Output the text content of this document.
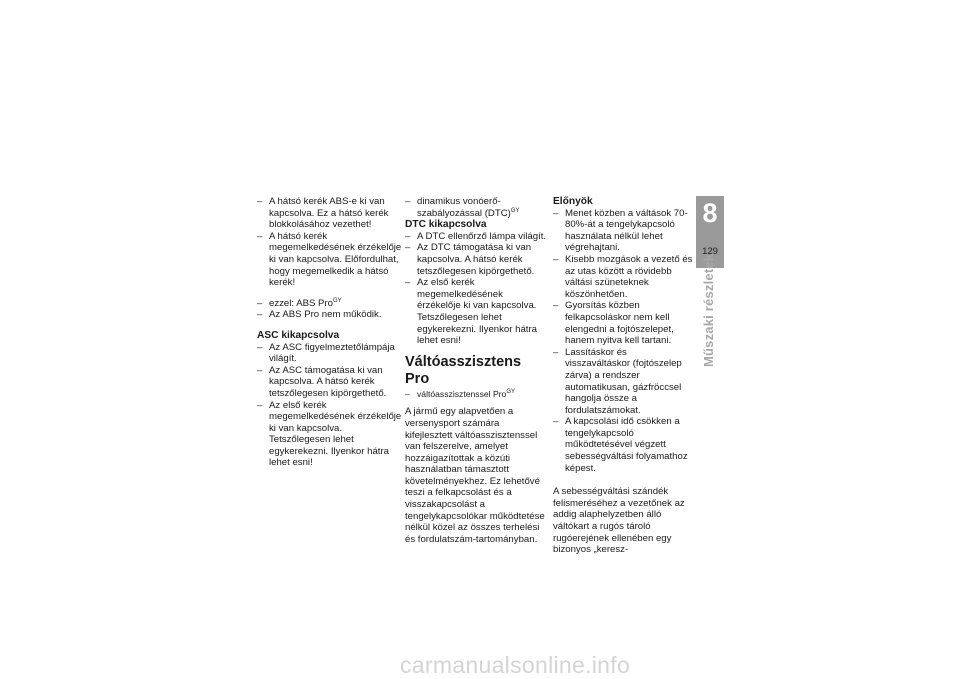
– A hátsó kerék ABS-e ki van kapcsolva. Ez a hátsó kerék blokkolásához vezethet!
– A hátsó kerék megemelkedésének érzékelője ki van kapcsolva. Előfordulhat, hogy megemelkedik a hátsó kerék!
– ezzel: ABS Pro$^{GY}$
– Az ABS Pro nem működik.
ASC kikapcsolva
– Az ASC figyelmeztetőlámpája világít.
– Az ASC támogatása ki van kapcsolva. A hátsó kerék tetszőlegesen kipörgethető.
– Az első kerék megemelkedésének érzékelője ki van kapcsolva. Tetszőlegesen lehet egykerekezni. Ilyenkor hátra lehet esni!
– dinamikus vonóerő-szabályozással (DTC)$^{GY}$
DTC kikapcsolva
– A DTC ellenőrző lámpa világít.
– Az DTC támogatása ki van kapcsolva. A hátsó kerék tetszőlegesen kipörgethető.
– Az első kerék megemelkedésének érzékelője ki van kapcsolva. Tetszőlegesen lehet egykerekezni. Ilyenkor hátra lehet esni!
Váltóasszisztens Pro
– váltóasszisztenssel Pro$^{GY}$
A jármű egy alapvetően a versenysport számára kifejlesztett váltóasszisztenssel van felszerelve, amelyet hozzáigazítottak a közúti használatban támasztott követelményekhez. Ez lehetővé teszi a felkapcsolást és a visszakapcsolást a tengelykapcsolókar működtetése nélkül közel az összes terhelési és fordulatszám-tartományban.
Előnyök
– Menet közben a váltások 70-80%-át a tengelykapcsoló használata nélkül lehet végrehajtani.
– Kisebb mozgások a vezető és az utas között a rövidebb váltási szüneteknek köszönhetően.
– Gyorsítás közben felkapcsoláskor nem kell elengedni a fojtószelepet, hanem nyitva kell tartani.
– Lassításkor és visszaváltáskor (fojtószelep zárva) a rendszer automatikusan, gázfröccsel hangolja össze a fordulatszámokat.
– A kapcsolási idő csökken a tengelykapcsoló működtetésével végzett sebességváltási folyamathoz képest.
A sebességváltási szándék felismeréséhez a vezetőnek az addig alaphelyzetben álló váltókart a rugós tároló rugóerejének ellenében egy bizonyos „keresz-
8
129
Műszaki részletek
carmanualsonline.info
